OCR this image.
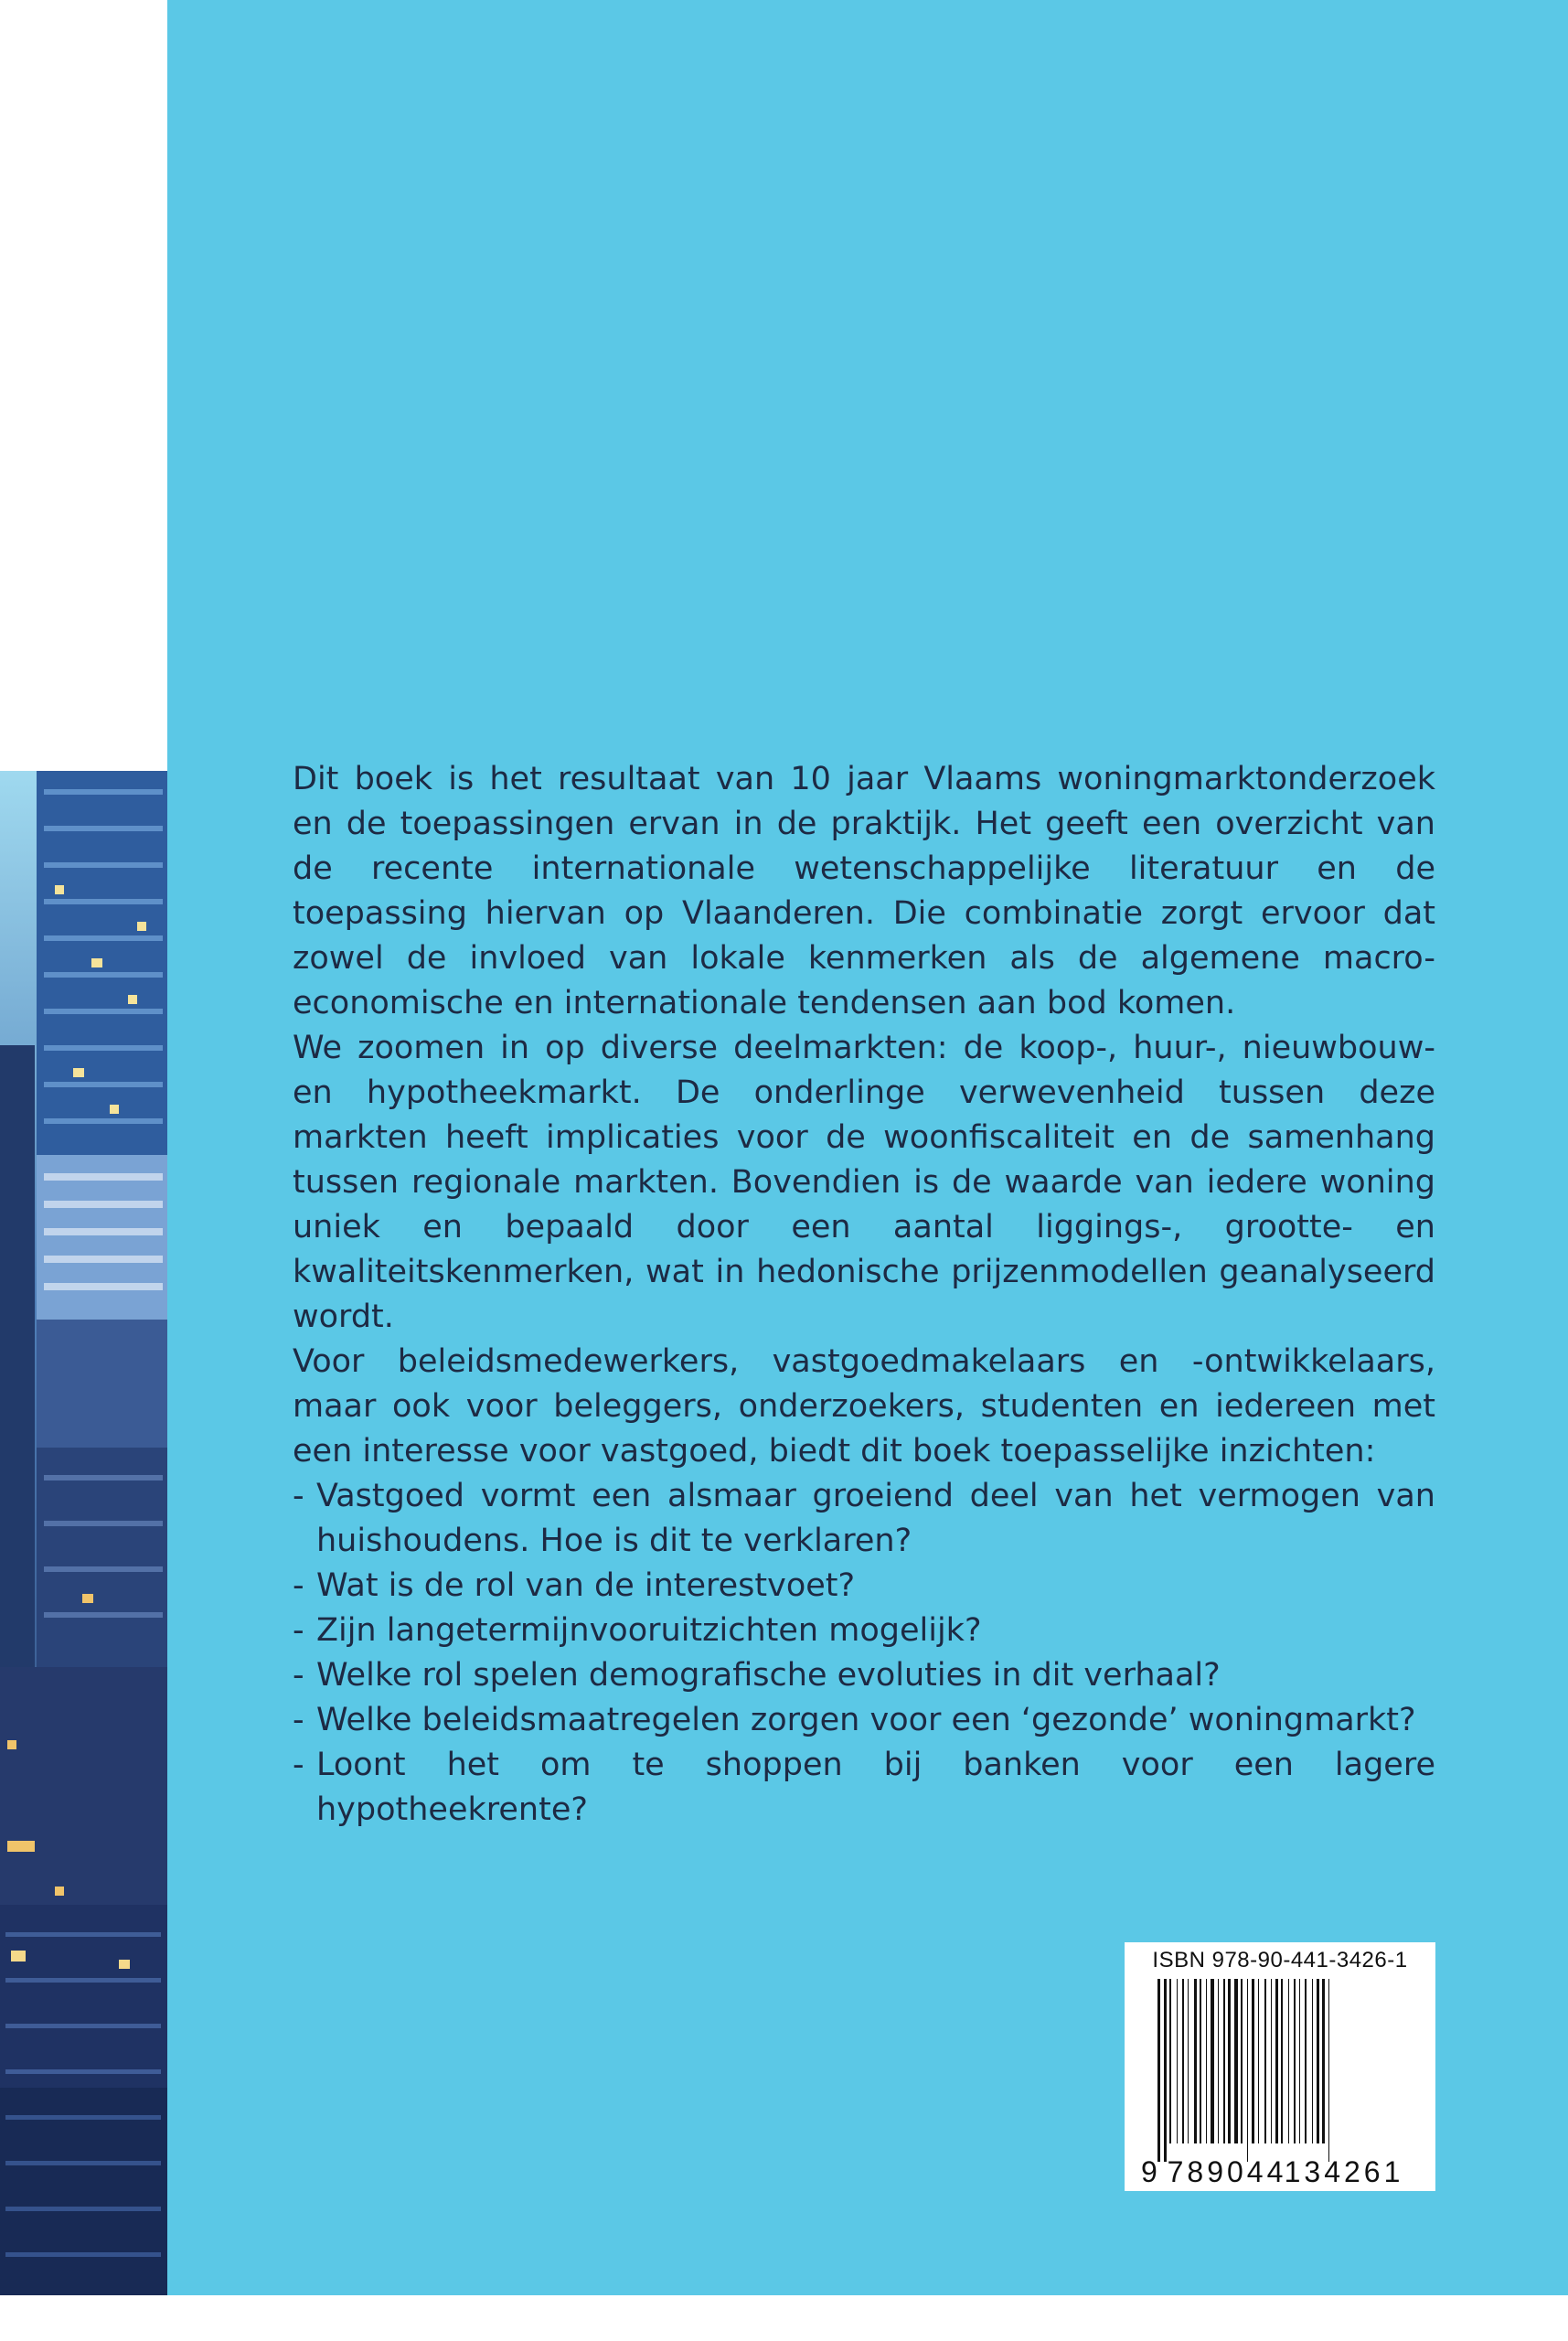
Dit boek is het resultaat van 10 jaar Vlaams woningmarktonderzoek en de toepassingen ervan in de praktijk. Het geeft een overzicht van de recente internationale wetenschappelijke literatuur en de toepassing hiervan op Vlaanderen. Die combinatie zorgt ervoor dat zowel de invloed van lokale kenmerken als de algemene macro-economische en internationale tendensen aan bod komen.

We zoomen in op diverse deelmarkten: de koop-, huur-, nieuwbouw- en hypotheekmarkt. De onderlinge verwevenheid tussen deze markten heeft implicaties voor de woonfiscaliteit en de samenhang tussen regionale markten. Bovendien is de waarde van iedere woning uniek en bepaald door een aantal liggings-, grootte- en kwaliteitskenmerken, wat in hedonische prijzenmodellen geanalyseerd wordt.

Voor beleidsmedewerkers, vastgoedmakelaars en -ontwikkelaars, maar ook voor beleggers, onderzoekers, studenten en iedereen met een interesse voor vastgoed, biedt dit boek toepasselijke inzichten:

- Vastgoed vormt een alsmaar groeiend deel van het vermogen van huishoudens. Hoe is dit te verklaren?
- Wat is de rol van de interestvoet?
- Zijn langetermijnvooruitzichten mogelijk?
- Welke rol spelen demografische evoluties in dit verhaal?
- Welke beleidsmaatregelen zorgen voor een ‘gezonde’ woningmarkt?
- Loont het om te shoppen bij banken voor een lagere hypotheekrente?
9 789044
134261
ISBN 978-90-441-3426-1
